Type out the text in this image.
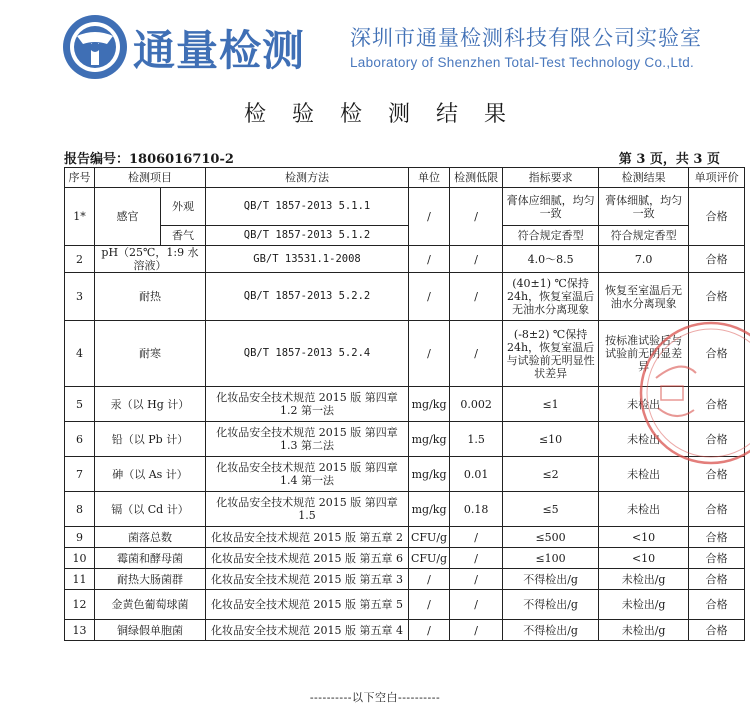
通量检测 深圳市通量检测科技有限公司实验室
Laboratory of Shenzhen Total-Test Technology Co.,Ltd.
检验检测结果
报告编号：1806016710-2	第 3 页，共 3 页
序号	检测项目		检测方法	单位	检测低限	指标要求	检测结果	单项评价
1*	感官	外观	QB/T 1857-2013 5.1.1	/	/	膏体应细腻，均匀一致	膏体细腻，均匀一致	合格
		香气	QB/T 1857-2013 5.1.2			符合规定香型	符合规定香型	
2	pH（25℃，1:9 水溶液）		GB/T 13531.1-2008	/	/	4.0～8.5	7.0	合格
3	耐热		QB/T 1857-2013 5.2.2	/	/	(40±1) ℃保持24h，恢复室温后无油水分离现象	恢复至室温后无油水分离现象	合格
4	耐寒		QB/T 1857-2013 5.2.4	/	/	(-8±2) ℃保持24h，恢复室温后与试验前无明显性状差异	按标准试验后与试验前无明显差异	合格
5	汞（以 Hg 计）		化妆品安全技术规范 2015 版 第四章 1.2 第一法	mg/kg	0.002	≤1	未检出	合格
6	铅（以 Pb 计）		化妆品安全技术规范 2015 版 第四章 1.3 第二法	mg/kg	1.5	≤10	未检出	合格
7	砷（以 As 计）		化妆品安全技术规范 2015 版 第四章 1.4 第一法	mg/kg	0.01	≤2	未检出	合格
8	镉（以 Cd 计）		化妆品安全技术规范 2015 版 第四章 1.5	mg/kg	0.18	≤5	未检出	合格
9	菌落总数		化妆品安全技术规范 2015 版 第五章 2	CFU/g	/	≤500	<10	合格
10	霉菌和酵母菌		化妆品安全技术规范 2015 版 第五章 6	CFU/g	/	≤100	<10	合格
11	耐热大肠菌群		化妆品安全技术规范 2015 版 第五章 3	/	/	不得检出/g	未检出/g	合格
12	金黄色葡萄球菌		化妆品安全技术规范 2015 版 第五章 5	/	/	不得检出/g	未检出/g	合格
13	铜绿假单胞菌		化妆品安全技术规范 2015 版 第五章 4	/	/	不得检出/g	未检出/g	合格
----------以下空白----------
